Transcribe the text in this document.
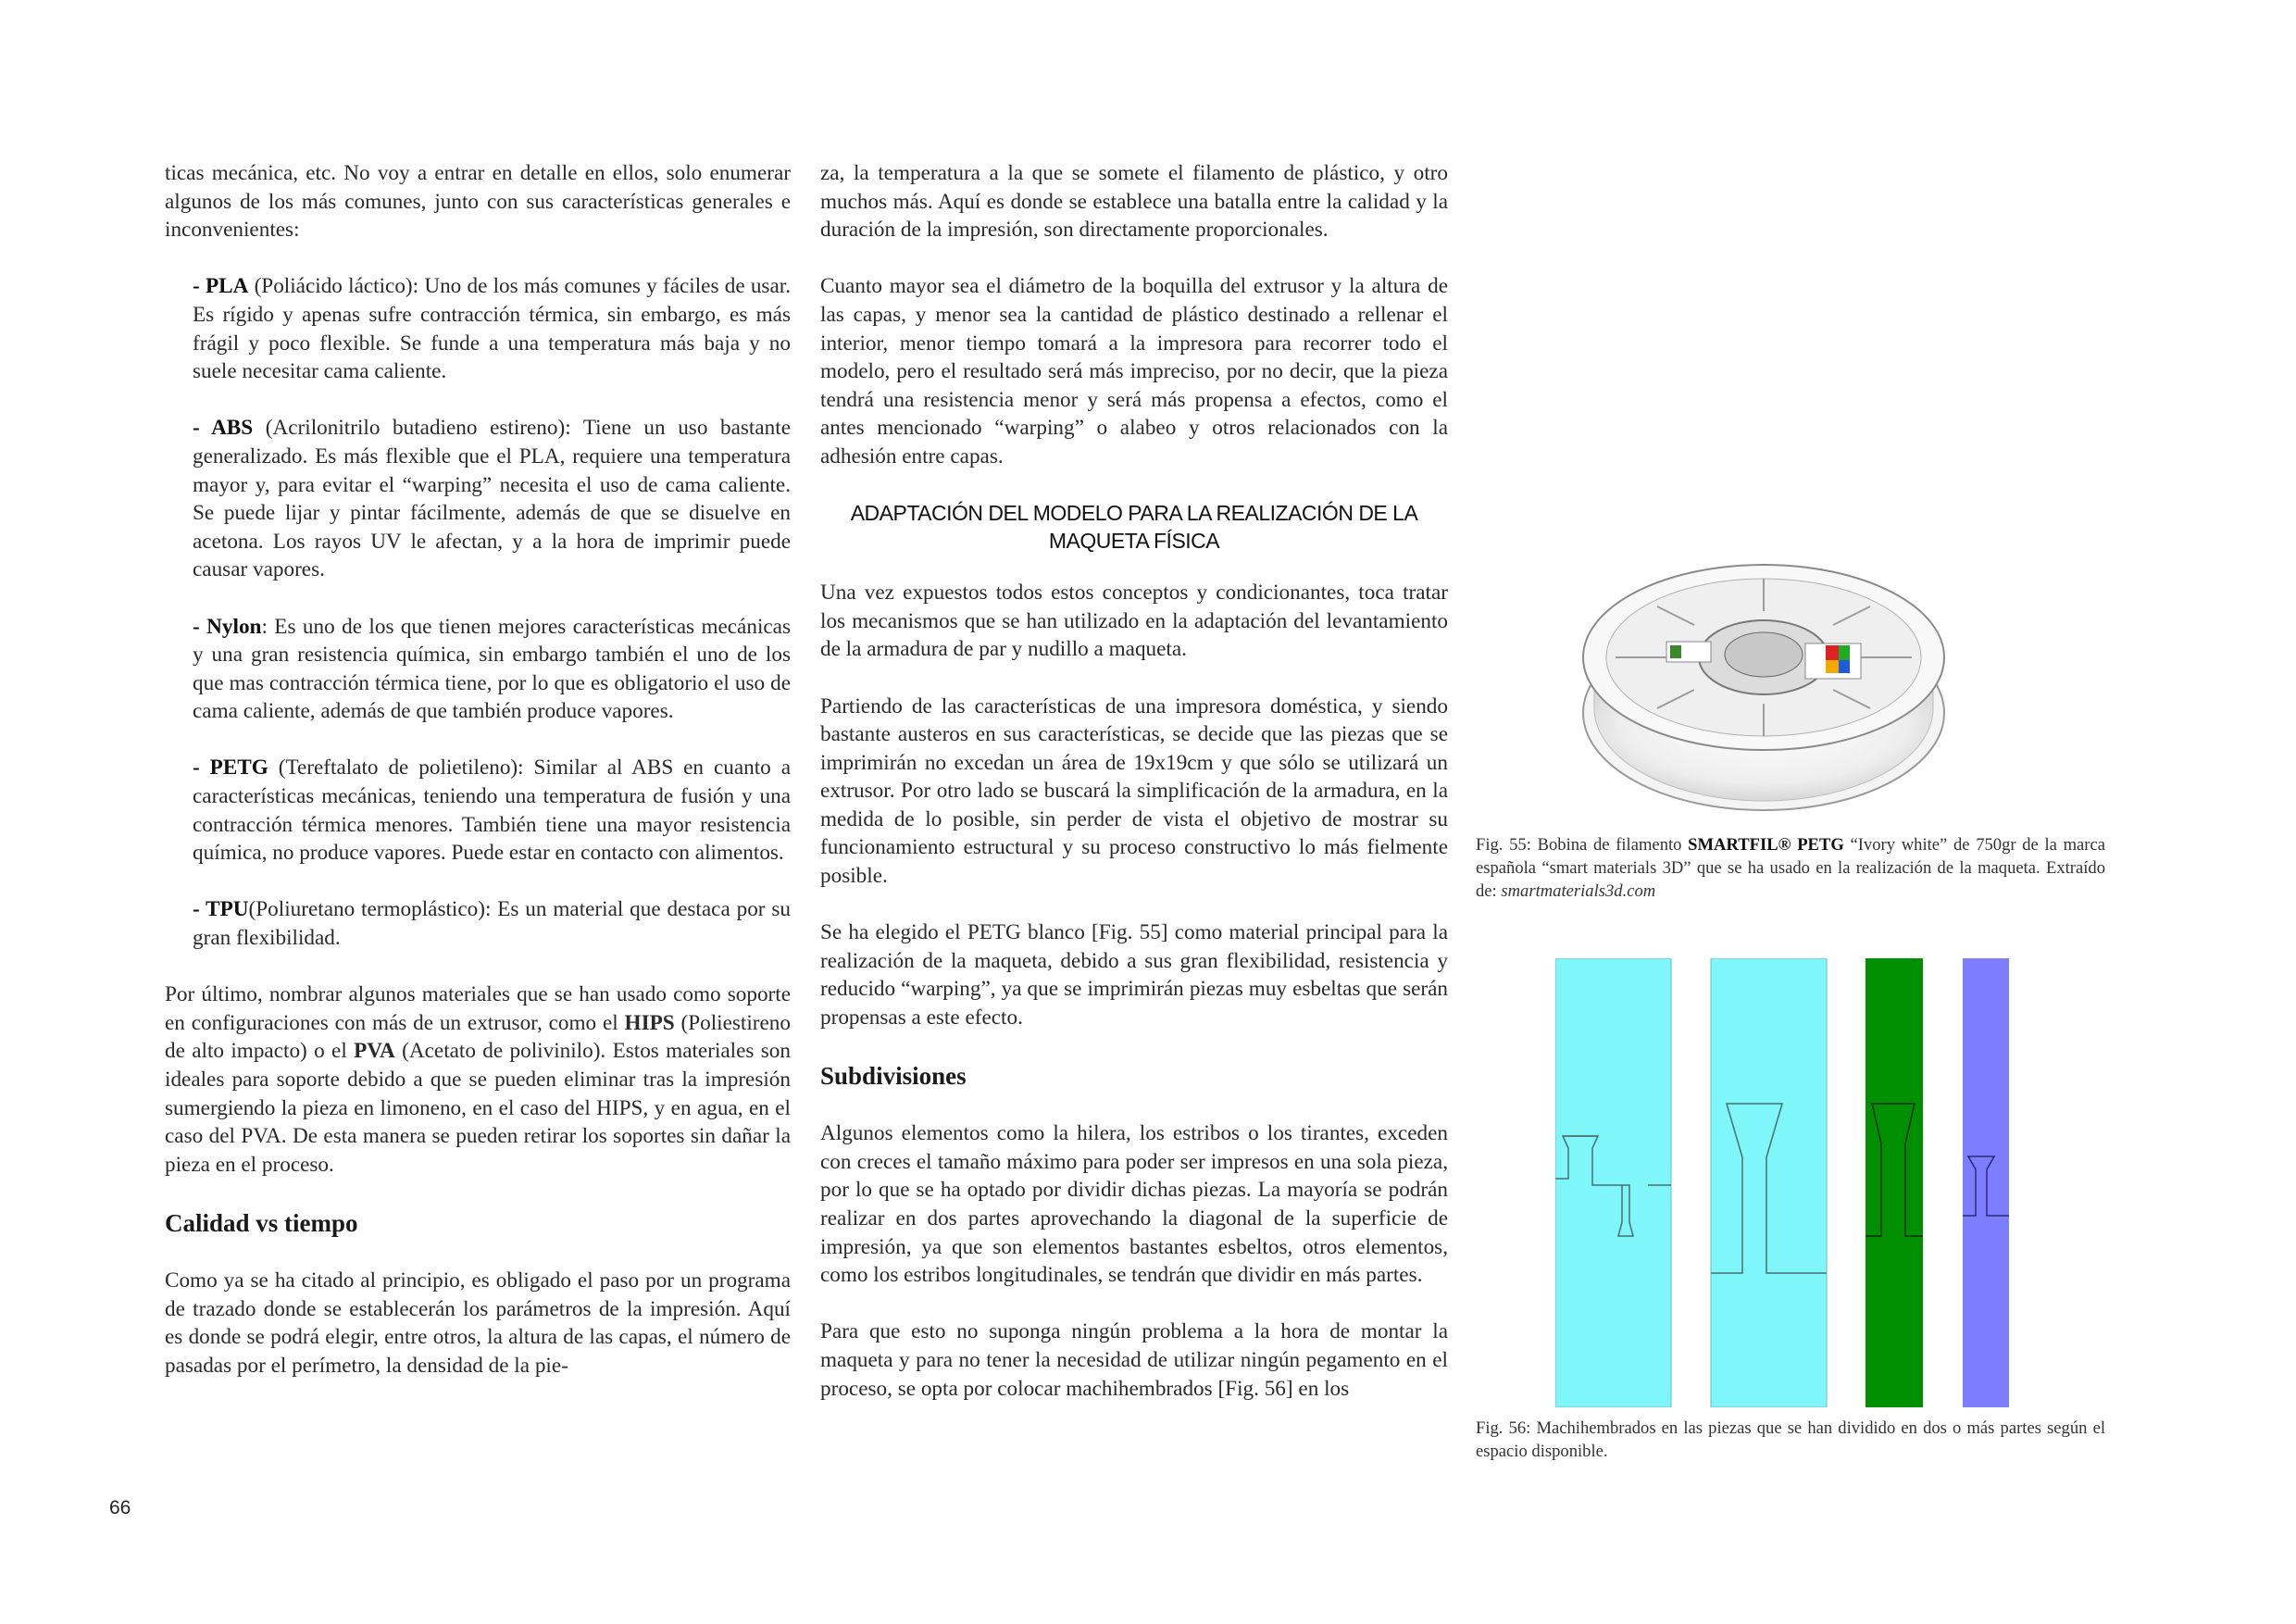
ticas mecánica, etc. No voy a entrar en detalle en ellos, solo enumerar algunos de los más comunes, junto con sus características generales e inconvenientes:

- PLA (Poliácido láctico): Uno de los más comunes y fáciles de usar. Es rígido y apenas sufre contracción térmica, sin embargo, es más frágil y poco flexible. Se funde a una temperatura más baja y no suele necesitar cama caliente.

- ABS (Acrilonitrilo butadieno estireno): Tiene un uso bastante generalizado. Es más flexible que el PLA, requiere una temperatura mayor y, para evitar el “warping” necesita el uso de cama caliente. Se puede lijar y pintar fácilmente, además de que se disuelve en acetona. Los rayos UV le afectan, y a la hora de imprimir puede causar vapores.

- Nylon: Es uno de los que tienen mejores características mecánicas y una gran resistencia química, sin embargo también el uno de los que mas contracción térmica tiene, por lo que es obligatorio el uso de cama caliente, además de que también produce vapores.

- PETG (Tereftalato de polietileno): Similar al ABS en cuanto a características mecánicas, teniendo una temperatura de fusión y una contracción térmica menores. También tiene una mayor resistencia química, no produce vapores. Puede estar en contacto con alimentos.

- TPU(Poliuretano termoplástico): Es un material que destaca por su gran flexibilidad.

Por último, nombrar algunos materiales que se han usado como soporte en configuraciones con más de un extrusor, como el HIPS (Poliestireno de alto impacto) o el PVA (Acetato de polivinilo). Estos materiales son ideales para soporte debido a que se pueden eliminar tras la impresión sumergiendo la pieza en limoneno, en el caso del HIPS, y en agua, en el caso del PVA. De esta manera se pueden retirar los soportes sin dañar la pieza en el proceso.

Calidad vs tiempo

Como ya se ha citado al principio, es obligado el paso por un programa de trazado donde se establecerán los parámetros de la impresión. Aquí es donde se podrá elegir, entre otros, la altura de las capas, el número de pasadas por el perímetro, la densidad de la pie-

za, la temperatura a la que se somete el filamento de plástico, y otro muchos más. Aquí es donde se establece una batalla entre la calidad y la duración de la impresión, son directamente proporcionales.

Cuanto mayor sea el diámetro de la boquilla del extrusor y la altura de las capas, y menor sea la cantidad de plástico destinado a rellenar el interior, menor tiempo tomará a la impresora para recorrer todo el modelo, pero el resultado será más impreciso, por no decir, que la pieza tendrá una resistencia menor y será más propensa a efectos, como el antes mencionado “warping” o alabeo y otros relacionados con la adhesión entre capas.

ADAPTACIÓN DEL MODELO PARA LA REALIZACIÓN DE LA MAQUETA FÍSICA

Una vez expuestos todos estos conceptos y condicionantes, toca tratar los mecanismos que se han utilizado en la adaptación del levantamiento de la armadura de par y nudillo a maqueta.

Partiendo de las características de una impresora doméstica, y siendo bastante austeros en sus características, se decide que las piezas que se imprimirán no excedan un área de 19x19cm y que sólo se utilizará un extrusor. Por otro lado se buscará la simplificación de la armadura, en la medida de lo posible, sin perder de vista el objetivo de mostrar su funcionamiento estructural y su proceso constructivo lo más fielmente posible.

Se ha elegido el PETG blanco [Fig. 55] como material principal para la realización de la maqueta, debido a sus gran flexibilidad, resistencia y reducido “warping”, ya que se imprimirán piezas muy esbeltas que serán propensas a este efecto.

Subdivisiones

Algunos elementos como la hilera, los estribos o los tirantes, exceden con creces el tamaño máximo para poder ser impresos en una sola pieza, por lo que se ha optado por dividir dichas piezas. La mayoría se podrán realizar en dos partes aprovechando la diagonal de la superficie de impresión, ya que son elementos bastantes esbeltos, otros elementos, como los estribos longitudinales, se tendrán que dividir en más partes.

Para que esto no suponga ningún problema a la hora de montar la maqueta y para no tener la necesidad de utilizar ningún pegamento en el proceso, se opta por colocar machihembrados [Fig. 56] en los

Fig. 55: Bobina de filamento SMARTFIL® PETG “Ivory white” de 750gr de la marca española “smart materials 3D” que se ha usado en la realización de la maqueta. Extraído de: smartmaterials3d.com
Fig. 56: Machihembrados en las piezas que se han dividido en dos o más partes según el espacio disponible.
66
